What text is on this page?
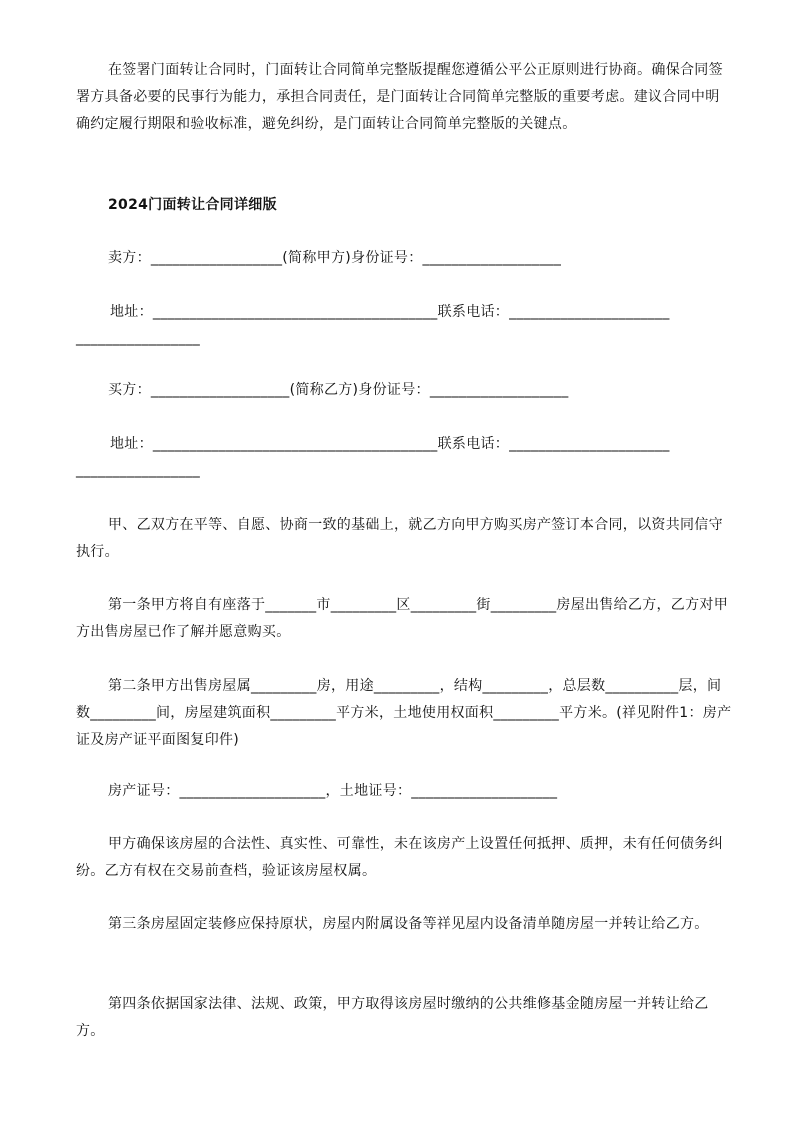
在签署门面转让合同时，门面转让合同简单完整版提醒您遵循公平公正原则进行协商。确保合同签署方具备必要的民事行为能力，承担合同责任，是门面转让合同简单完整版的重要考虑。建议合同中明确约定履行期限和验收标准，避免纠纷，是门面转让合同简单完整版的关键点。

2024门面转让合同详细版

卖方：__________________(简称甲方)身份证号：___________________

地址：_______________________________________联系电话：______________________

_________________

买方：___________________(简称乙方)身份证号：___________________

地址：_______________________________________联系电话：______________________

_________________

甲、乙双方在平等、自愿、协商一致的基础上，就乙方向甲方购买房产签订本合同，以资共同信守执行。

第一条甲方将自有座落于_______市_________区_________街_________房屋出售给乙方，乙方对甲方出售房屋已作了解并愿意购买。

第二条甲方出售房屋属_________房，用途_________，结构_________，总层数__________层，间数_________间，房屋建筑面积_________平方米，土地使用权面积_________平方米。(祥见附件1：房产证及房产证平面图复印件)

房产证号：____________________，土地证号：____________________

甲方确保该房屋的合法性、真实性、可靠性，未在该房产上设置任何抵押、质押，未有任何债务纠纷。乙方有权在交易前查档，验证该房屋权属。

第三条房屋固定装修应保持原状，房屋内附属设备等祥见屋内设备清单随房屋一并转让给乙方。

第四条依据国家法律、法规、政策，甲方取得该房屋时缴纳的公共维修基金随房屋一并转让给乙方。
